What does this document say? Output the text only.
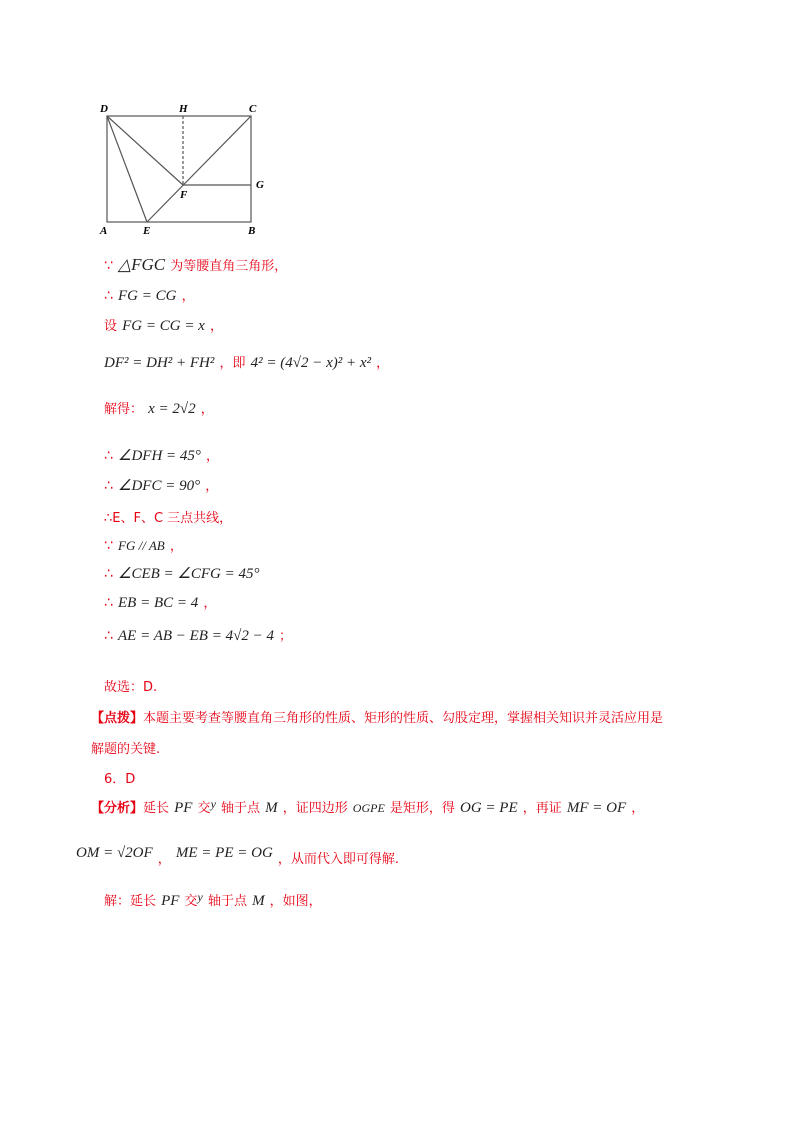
D	H	C
G
F
A	E	B
∵ △FGC 为等腰直角三角形，
∴ FG = CG ，
设 FG = CG = x ，
DF² = DH² + FH² ，即 4² = (4√2 − x)² + x² ，
解得： x = 2√2 ，
∴ ∠DFH = 45° ，
∴ ∠DFC = 90° ，
∴E、F、C 三点共线，
∵ FG // AB ，
∴ ∠CEB = ∠CFG = 45°
∴ EB = BC = 4 ，
∴ AE = AB − EB = 4√2 − 4 ；
故选：D.
【点拨】本题主要考查等腰直角三角形的性质、矩形的性质、勾股定理，掌握相关知识并灵活应用是
解题的关键.
6．D
【分析】延长 PF 交$^y$ 轴于点 M ，证四边形 OGPE 是矩形，得 OG = PE ，再证 MF = OF ，
OM = √2OF $_,$ ME = PE = OG $_{,从而代入即可得解.}$
解：延长 PF 交$^y$ 轴于点 M ，如图，
